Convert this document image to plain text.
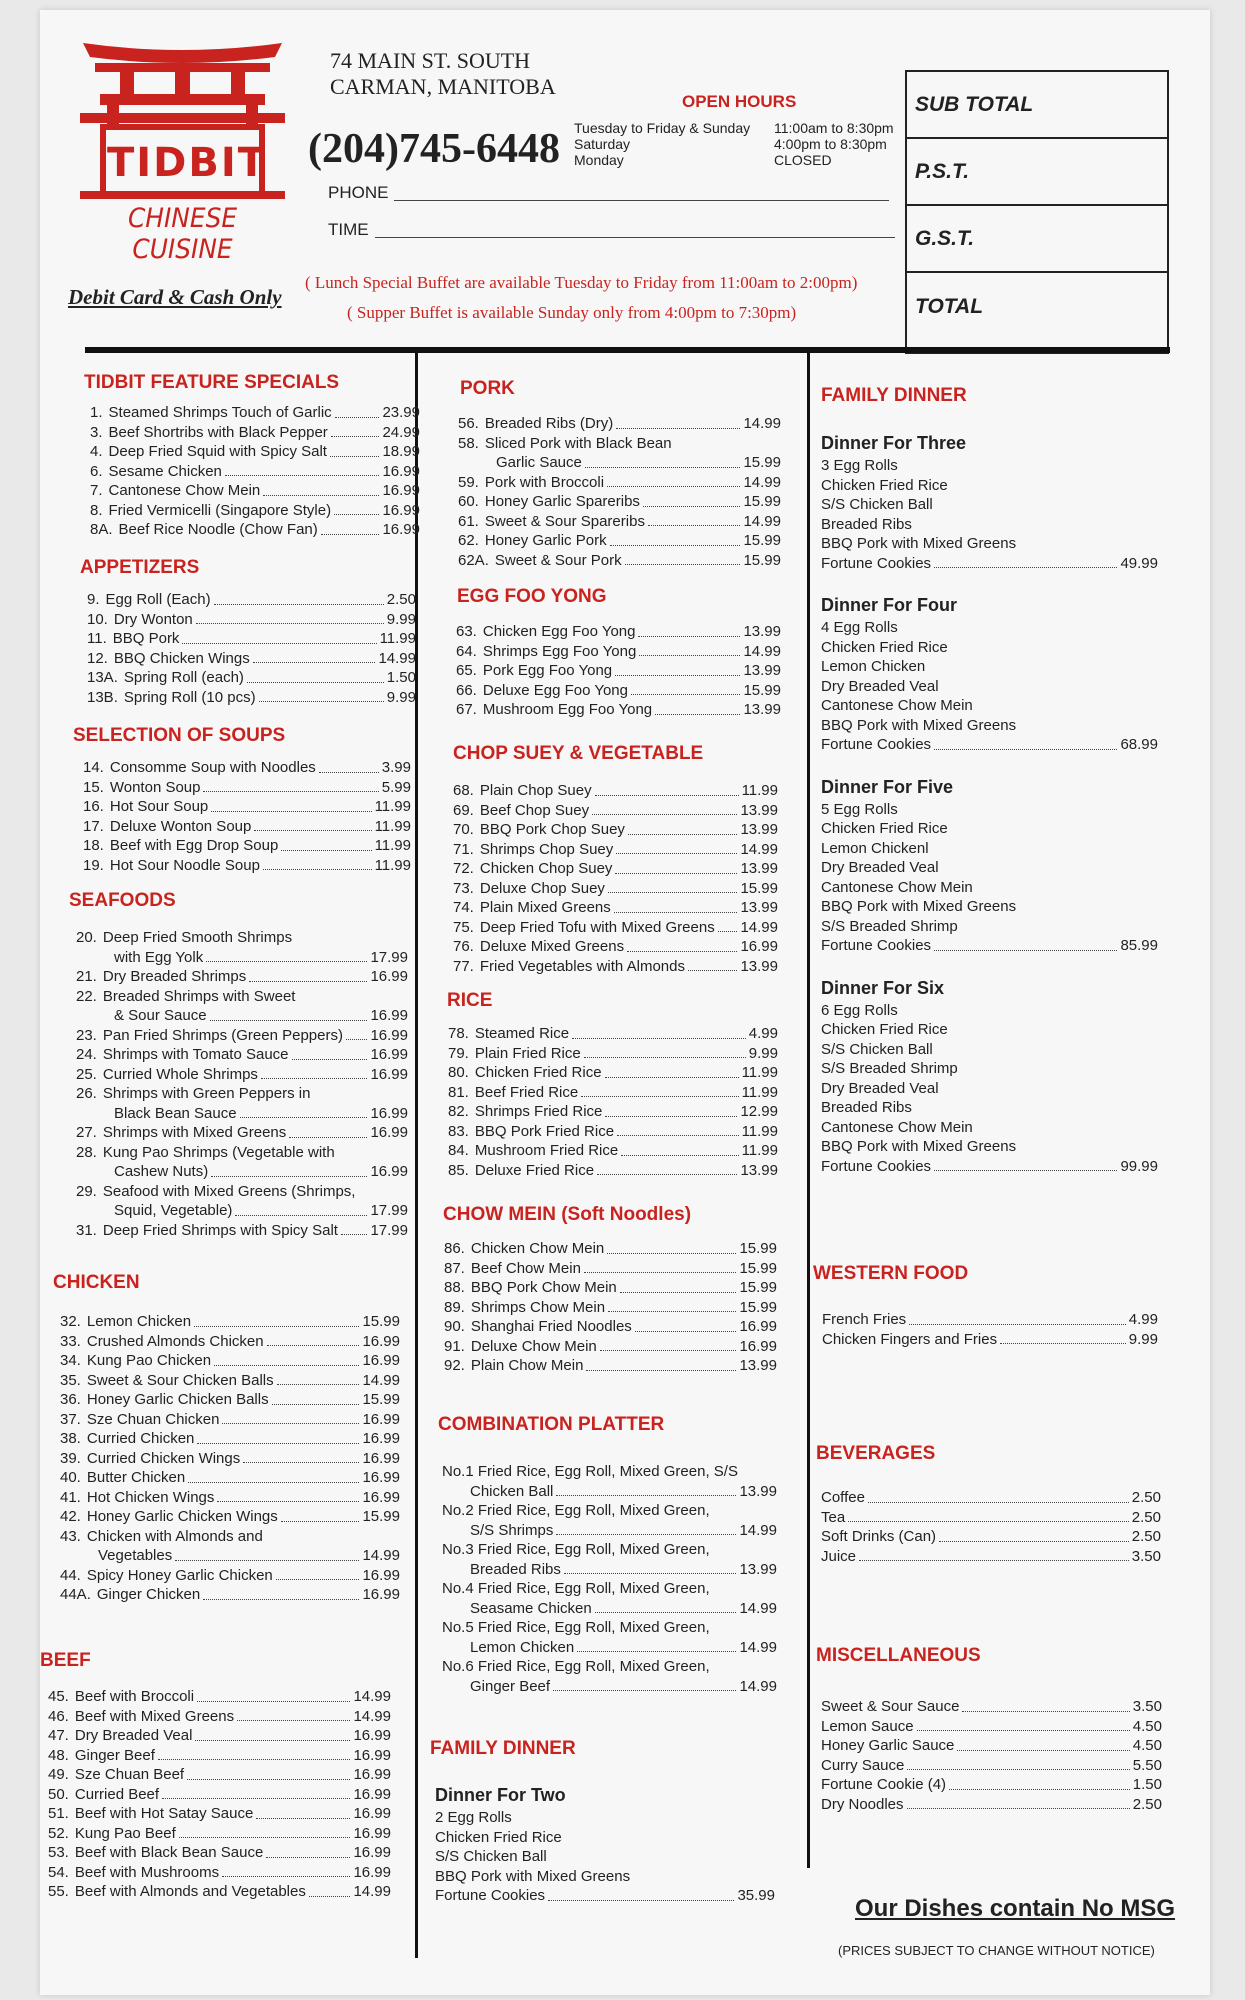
TIDBIT
CHINESE CUISINE
74 MAIN ST. SOUTH
CARMAN, MANITOBA
(204)745-6448
OPEN HOURS
Tuesday to Friday & Sunday	11:00am to 8:30pm
Saturday	4:00pm to 8:30pm
Monday	CLOSED
PHONE
TIME
SUB TOTAL
P.S.T.
G.S.T.
TOTAL
Debit Card & Cash Only
( Lunch Special Buffet are available Tuesday to Friday from 11:00am to 2:00pm)
( Supper Buffet is available Sunday only from 4:00pm to 7:30pm)
TIDBIT FEATURE SPECIALS
1. Steamed Shrimps Touch of Garlic	23.99
3. Beef Shortribs with Black Pepper	24.99
4. Deep Fried Squid with Spicy Salt	18.99
6. Sesame Chicken	16.99
7. Cantonese Chow Mein	16.99
8. Fried Vermicelli (Singapore Style)	16.99
8A. Beef Rice Noodle (Chow Fan)	16.99
APPETIZERS
9. Egg Roll (Each)	2.50
10. Dry Wonton	9.99
11. BBQ Pork	11.99
12. BBQ Chicken Wings	14.99
13A. Spring Roll (each)	1.50
13B. Spring Roll (10 pcs)	9.99
SELECTION OF SOUPS
14. Consomme Soup with Noodles	3.99
15. Wonton Soup	5.99
16. Hot Sour Soup	11.99
17. Deluxe Wonton Soup	11.99
18. Beef with Egg Drop Soup	11.99
19. Hot Sour Noodle Soup	11.99
SEAFOODS
20. Deep Fried Smooth Shrimps
with Egg Yolk	17.99
21. Dry Breaded Shrimps	16.99
22. Breaded Shrimps with Sweet
& Sour Sauce	16.99
23. Pan Fried Shrimps (Green Peppers) 16.99
24. Shrimps with Tomato Sauce	16.99
25. Curried Whole Shrimps	16.99
26. Shrimps with Green Peppers in
Black Bean Sauce	16.99
27. Shrimps with Mixed Greens	16.99
28. Kung Pao Shrimps (Vegetable with
Cashew Nuts)	16.99
29. Seafood with Mixed Greens (Shrimps,
Squid, Vegetable)	17.99
31. Deep Fried Shrimps with Spicy Salt 17.99
CHICKEN
32. Lemon Chicken	15.99
33. Crushed Almonds Chicken	16.99
34. Kung Pao Chicken	16.99
35. Sweet & Sour Chicken Balls	14.99
36. Honey Garlic Chicken Balls	15.99
37. Sze Chuan Chicken	16.99
38. Curried Chicken	16.99
39. Curried Chicken Wings	16.99
40. Butter Chicken	16.99
41. Hot Chicken Wings	16.99
42. Honey Garlic Chicken Wings	15.99
43. Chicken with Almonds and
Vegetables	14.99
44. Spicy Honey Garlic Chicken	16.99
44A. Ginger Chicken	16.99
BEEF
45. Beef with Broccoli	14.99
46. Beef with Mixed Greens	14.99
47. Dry Breaded Veal	16.99
48. Ginger Beef	16.99
49. Sze Chuan Beef	16.99
50. Curried Beef	16.99
51. Beef with Hot Satay Sauce	16.99
52. Kung Pao Beef	16.99
53. Beef with Black Bean Sauce	16.99
54. Beef with Mushrooms	16.99
55. Beef with Almonds and Vegetables	14.99
PORK
56. Breaded Ribs (Dry)	14.99
58. Sliced Pork with Black Bean
Garlic Sauce	15.99
59. Pork with Broccoli	14.99
60. Honey Garlic Spareribs	15.99
61. Sweet & Sour Spareribs	14.99
62. Honey Garlic Pork	15.99
62A. Sweet & Sour Pork	15.99
EGG FOO YONG
63. Chicken Egg Foo Yong	13.99
64. Shrimps Egg Foo Yong	14.99
65. Pork Egg Foo Yong	13.99
66. Deluxe Egg Foo Yong	15.99
67. Mushroom Egg Foo Yong	13.99
CHOP SUEY & VEGETABLE
68. Plain Chop Suey	11.99
69. Beef Chop Suey	13.99
70. BBQ Pork Chop Suey	13.99
71. Shrimps Chop Suey	14.99
72. Chicken Chop Suey	13.99
73. Deluxe Chop Suey	15.99
74. Plain Mixed Greens	13.99
75. Deep Fried Tofu with Mixed Greens 14.99
76. Deluxe Mixed Greens	16.99
77. Fried Vegetables with Almonds	13.99
RICE
78. Steamed Rice	4.99
79. Plain Fried Rice	9.99
80. Chicken Fried Rice	11.99
81. Beef Fried Rice	11.99
82. Shrimps Fried Rice	12.99
83. BBQ Pork Fried Rice	11.99
84. Mushroom Fried Rice	11.99
85. Deluxe Fried Rice	13.99
CHOW MEIN (Soft Noodles)
86. Chicken Chow Mein	15.99
87. Beef Chow Mein	15.99
88. BBQ Pork Chow Mein	15.99
89. Shrimps Chow Mein	15.99
90. Shanghai Fried Noodles	16.99
91. Deluxe Chow Mein	16.99
92. Plain Chow Mein	13.99
COMBINATION PLATTER
No.1 Fried Rice, Egg Roll, Mixed Green, S/S
Chicken Ball	13.99
No.2 Fried Rice, Egg Roll, Mixed Green,
S/S Shrimps	14.99
No.3 Fried Rice, Egg Roll, Mixed Green,
Breaded Ribs	13.99
No.4 Fried Rice, Egg Roll, Mixed Green,
Seasame Chicken	14.99
No.5 Fried Rice, Egg Roll, Mixed Green,
Lemon Chicken	14.99
No.6 Fried Rice, Egg Roll, Mixed Green,
Ginger Beef	14.99
FAMILY DINNER
Dinner For Two
2 Egg Rolls
Chicken Fried Rice
S/S Chicken Ball
BBQ Pork with Mixed Greens
Fortune Cookies	35.99
FAMILY DINNER
Dinner For Three
3 Egg Rolls
Chicken Fried Rice
S/S Chicken Ball
Breaded Ribs
BBQ Pork with Mixed Greens
Fortune Cookies	49.99
Dinner For Four
4 Egg Rolls
Chicken Fried Rice
Lemon Chicken
Dry Breaded Veal
Cantonese Chow Mein
BBQ Pork with Mixed Greens
Fortune Cookies	68.99
Dinner For Five
5 Egg Rolls
Chicken Fried Rice
Lemon Chickenl
Dry Breaded Veal
Cantonese Chow Mein
BBQ Pork with Mixed Greens
S/S Breaded Shrimp
Fortune Cookies	85.99
Dinner For Six
6 Egg Rolls
Chicken Fried Rice
S/S Chicken Ball
S/S Breaded Shrimp
Dry Breaded Veal
Breaded Ribs
Cantonese Chow Mein
BBQ Pork with Mixed Greens
Fortune Cookies	99.99
WESTERN FOOD
French Fries	4.99
Chicken Fingers and Fries	9.99
BEVERAGES
Coffee	2.50
Tea	2.50
Soft Drinks (Can)	2.50
Juice	3.50
MISCELLANEOUS
Sweet & Sour Sauce	3.50
Lemon Sauce	4.50
Honey Garlic Sauce	4.50
Curry Sauce	5.50
Fortune Cookie (4)	1.50
Dry Noodles	2.50
Our Dishes contain No MSG
(PRICES SUBJECT TO CHANGE WITHOUT NOTICE)
